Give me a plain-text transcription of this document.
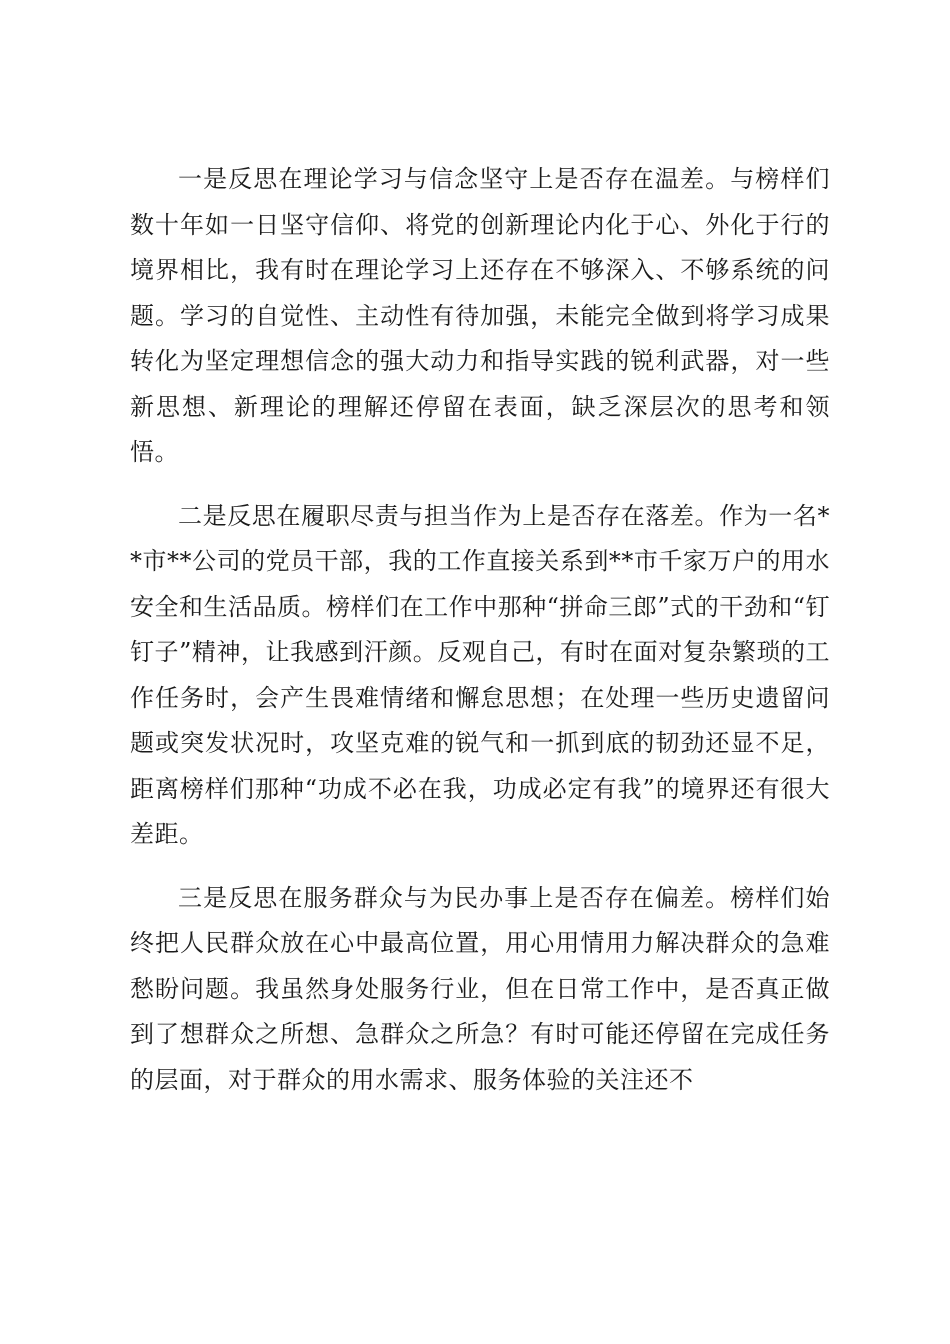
一是反思在理论学习与信念坚守上是否存在温差。与榜样们数十年如一日坚守信仰、将党的创新理论内化于心、外化于行的境界相比，我有时在理论学习上还存在不够深入、不够系统的问题。学习的自觉性、主动性有待加强，未能完全做到将学习成果转化为坚定理想信念的强大动力和指导实践的锐利武器，对一些新思想、新理论的理解还停留在表面，缺乏深层次的思考和领悟。

二是反思在履职尽责与担当作为上是否存在落差。作为一名**市**公司的党员干部，我的工作直接关系到**市千家万户的用水安全和生活品质。榜样们在工作中那种“拼命三郎”式的干劲和“钉钉子”精神，让我感到汗颜。反观自己，有时在面对复杂繁琐的工作任务时，会产生畏难情绪和懈怠思想；在处理一些历史遗留问题或突发状况时，攻坚克难的锐气和一抓到底的韧劲还显不足，距离榜样们那种“功成不必在我，功成必定有我”的境界还有很大差距。

三是反思在服务群众与为民办事上是否存在偏差。榜样们始终把人民群众放在心中最高位置，用心用情用力解决群众的急难愁盼问题。我虽然身处服务行业，但在日常工作中，是否真正做到了想群众之所想、急群众之所急？有时可能还停留在完成任务的层面，对于群众的用水需求、服务体验的关注还不
